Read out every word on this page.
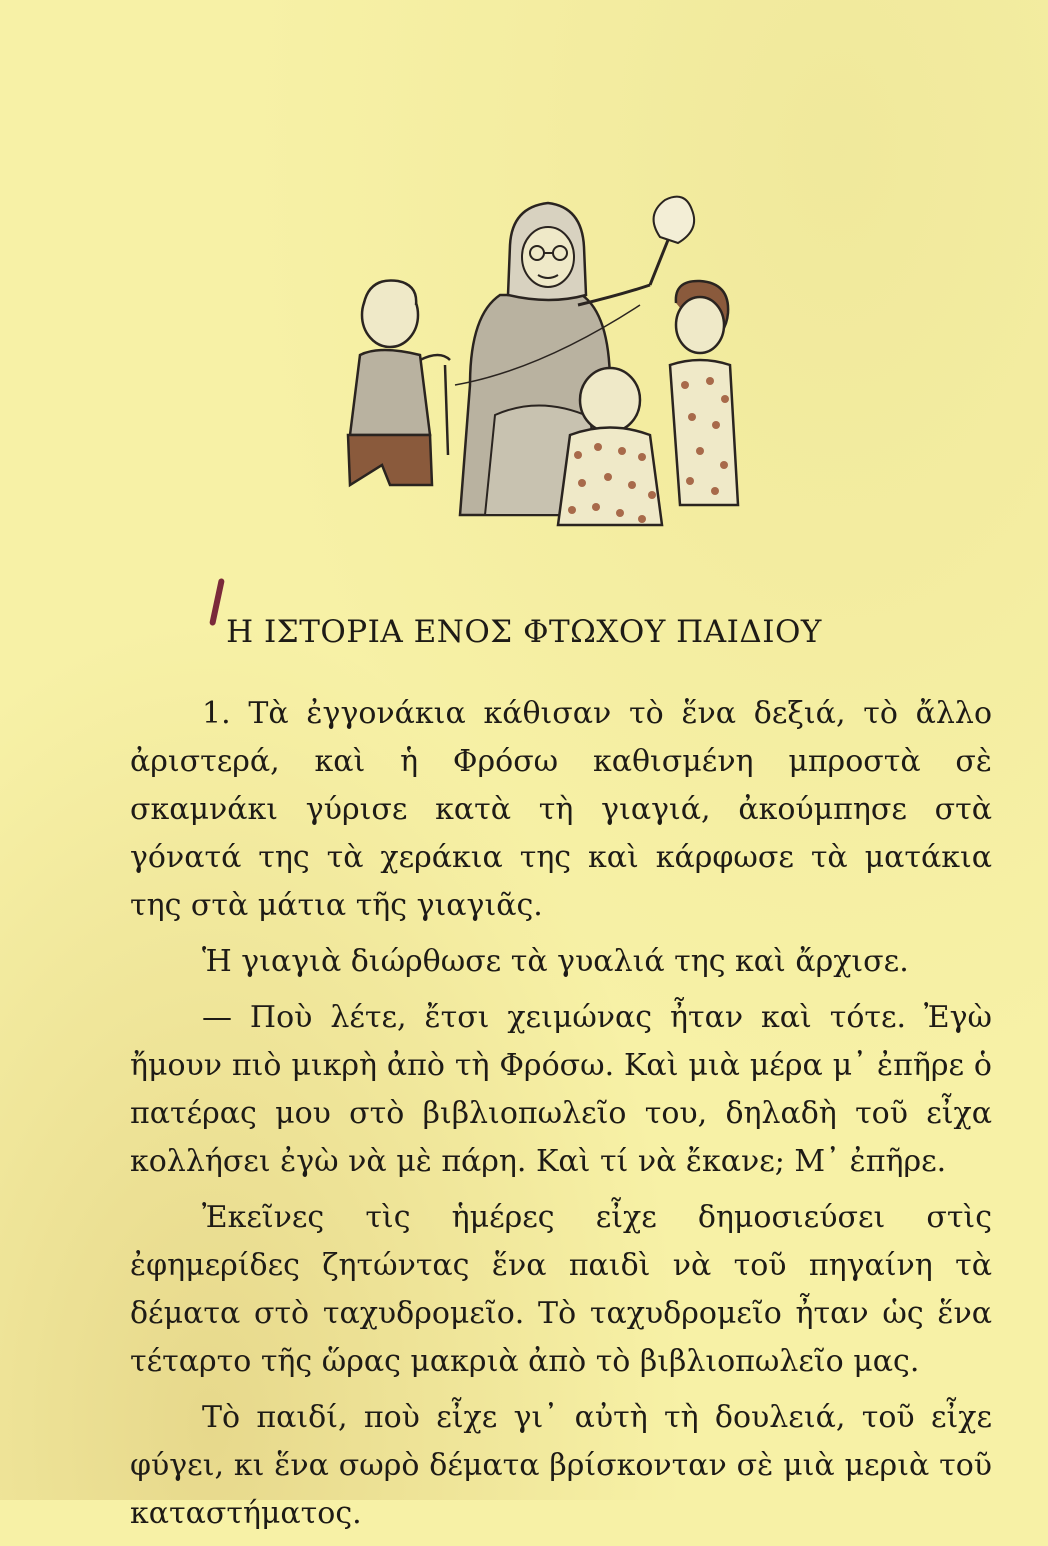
Η ΙΣΤΟΡΙΑ ΕΝΟΣ ΦΤΩΧΟΥ ΠΑΙΔΙΟΥ

1. Τὰ ἐγγονάκια κάθισαν τὸ ἕνα δεξιά, τὸ ἄλλο ἀριστερά, καὶ ἡ Φρόσω καθισμένη μπροστὰ σὲ σκαμνάκι γύρισε κατὰ τὴ γιαγιά, ἀκούμπησε στὰ γόνατά της τὰ χεράκια της καὶ κάρφωσε τὰ ματάκια της στὰ μάτια τῆς γιαγιᾶς.

Ἡ γιαγιὰ διώρθωσε τὰ γυαλιά της καὶ ἄρχισε.

— Ποὺ λέτε, ἔτσι χειμώνας ἦταν καὶ τότε. Ἐγὼ ἤμουν πιὸ μικρὴ ἀπὸ τὴ Φρόσω. Καὶ μιὰ μέρα μ᾿ ἐπῆρε ὁ πατέρας μου στὸ βιβλιοπωλεῖο του, δηλαδὴ τοῦ εἶχα κολλήσει ἐγὼ νὰ μὲ πάρη. Καὶ τί νὰ ἔκανε; Μ᾿ ἐπῆρε.

Ἐκεῖνες τὶς ἡμέρες εἶχε δημοσιεύσει στὶς ἐφημερίδες ζητώντας ἕνα παιδὶ νὰ τοῦ πηγαίνη τὰ δέματα στὸ ταχυδρομεῖο. Τὸ ταχυδρομεῖο ἦταν ὡς ἕνα τέταρτο τῆς ὥρας μακριὰ ἀπὸ τὸ βιβλιοπωλεῖο μας.

Τὸ παιδί, ποὺ εἶχε γι᾿ αὐτὴ τὴ δουλειά, τοῦ εἶχε φύγει, κι ἕνα σωρὸ δέματα βρίσκονταν σὲ μιὰ μεριὰ τοῦ καταστήματος.
